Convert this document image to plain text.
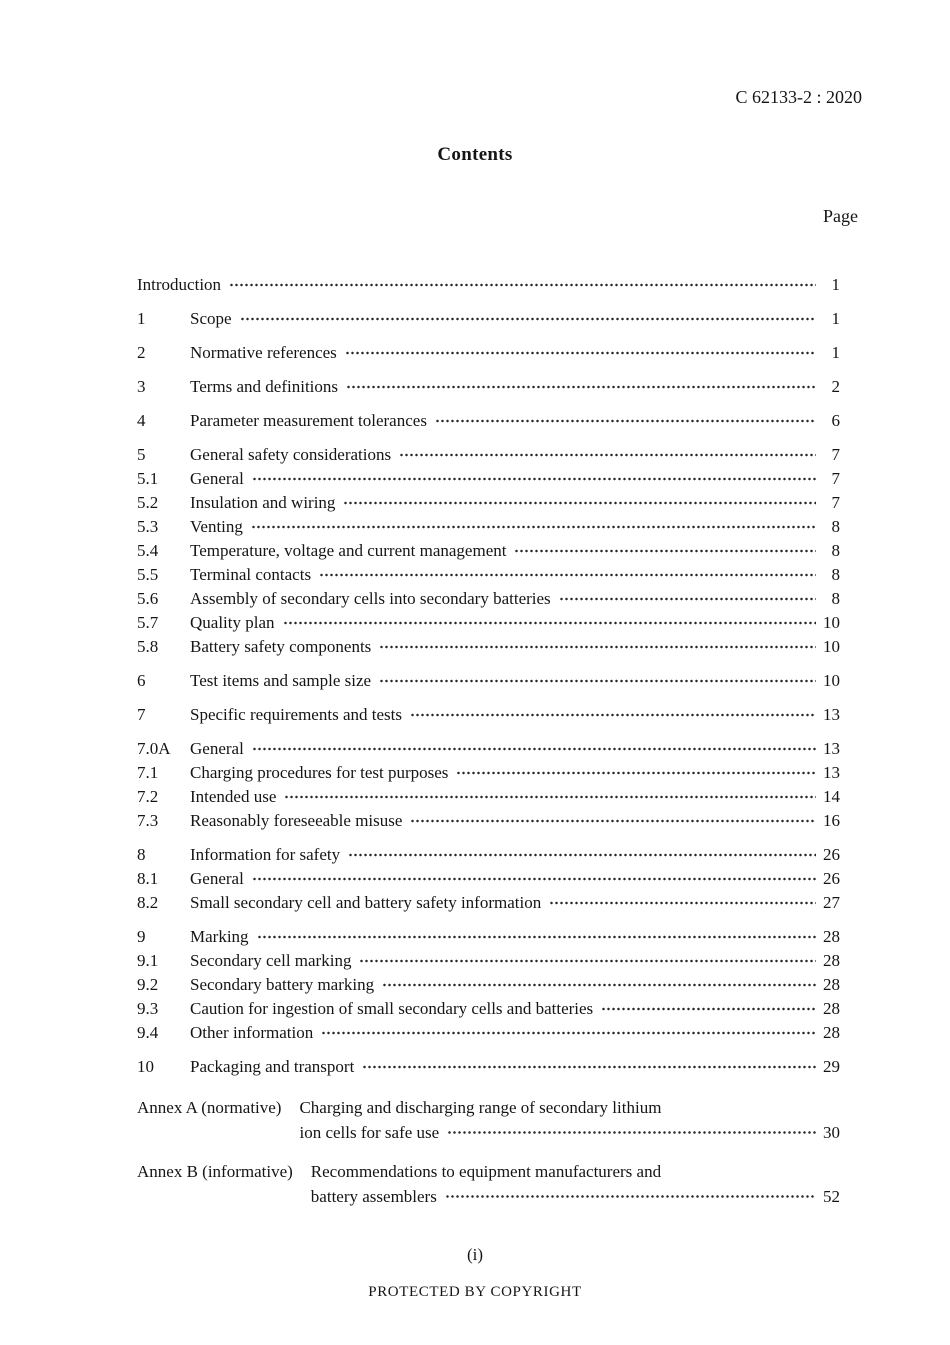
C 62133-2 : 2020
Contents
Page
Introduction	1
1	Scope	1
2	Normative references	1
3	Terms and definitions	2
4	Parameter measurement tolerances	6
5	General safety considerations	7
5.1	General	7
5.2	Insulation and wiring	7
5.3	Venting	8
5.4	Temperature, voltage and current management	8
5.5	Terminal contacts	8
5.6	Assembly of secondary cells into secondary batteries	8
5.7	Quality plan	10
5.8	Battery safety components	10
6	Test items and sample size	10
7	Specific requirements and tests	13
7.0A	General	13
7.1	Charging procedures for test purposes	13
7.2	Intended use	14
7.3	Reasonably foreseeable misuse	16
8	Information for safety	26
8.1	General	26
8.2	Small secondary cell and battery safety information	27
9	Marking	28
9.1	Secondary cell marking	28
9.2	Secondary battery marking	28
9.3	Caution for ingestion of small secondary cells and batteries	28
9.4	Other information	28
10	Packaging and transport	29
Annex A (normative)	Charging and discharging range of secondary lithium
ion cells for safe use	30
Annex B (informative)	Recommendations to equipment manufacturers and
battery assemblers	52
(i)
PROTECTED BY COPYRIGHT
